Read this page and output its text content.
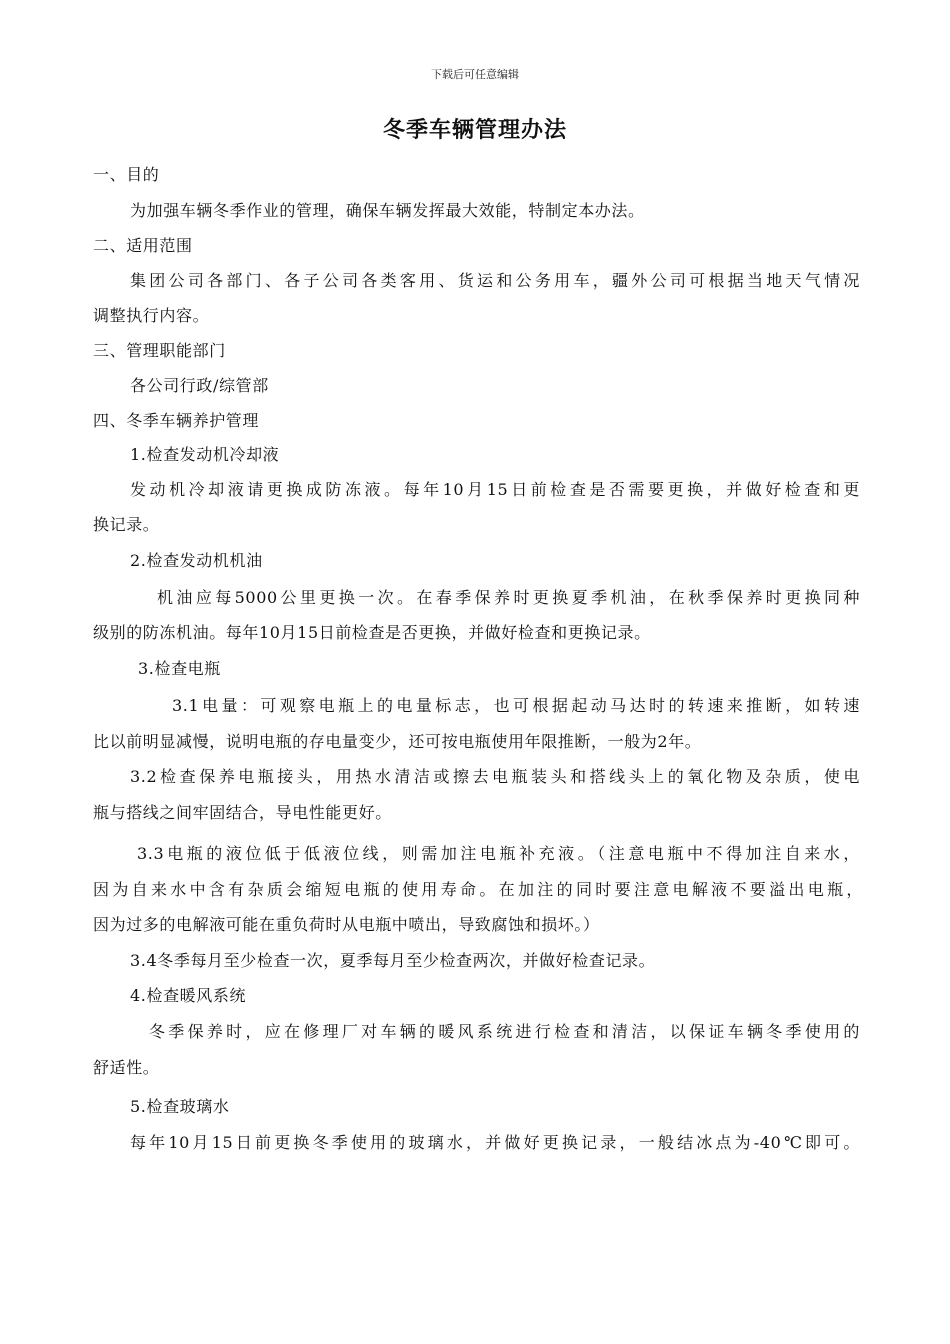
下载后可任意编辑
冬季车辆管理办法
一、目的
为加强车辆冬季作业的管理，确保车辆发挥最大效能，特制定本办法。
二、适用范围
集团公司各部门、各子公司各类客用、货运和公务用车，疆外公司可根据当地天气情况
调整执行内容。
三、管理职能部门
各公司行政/综管部
四、冬季车辆养护管理
1.检查发动机冷却液
发动机冷却液请更换成防冻液。每年10月15日前检查是否需要更换，并做好检查和更
换记录。
2.检查发动机机油
机油应每5000公里更换一次。在春季保养时更换夏季机油，在秋季保养时更换同种
级别的防冻机油。每年10月15日前检查是否更换，并做好检查和更换记录。
3.检查电瓶
3.1电量：可观察电瓶上的电量标志，也可根据起动马达时的转速来推断，如转速
比以前明显减慢，说明电瓶的存电量变少，还可按电瓶使用年限推断，一般为2年。
3.2检查保养电瓶接头，用热水清洁或擦去电瓶装头和搭线头上的氧化物及杂质，使电
瓶与搭线之间牢固结合，导电性能更好。
3.3电瓶的液位低于低液位线，则需加注电瓶补充液。（注意电瓶中不得加注自来水，
因为自来水中含有杂质会缩短电瓶的使用寿命。在加注的同时要注意电解液不要溢出电瓶，
因为过多的电解液可能在重负荷时从电瓶中喷出，导致腐蚀和损坏。）
3.4冬季每月至少检查一次，夏季每月至少检查两次，并做好检查记录。
4.检查暖风系统
冬季保养时，应在修理厂对车辆的暖风系统进行检查和清洁，以保证车辆冬季使用的
舒适性。
5.检查玻璃水
每年10月15日前更换冬季使用的玻璃水，并做好更换记录，一般结冰点为-40℃即可。
